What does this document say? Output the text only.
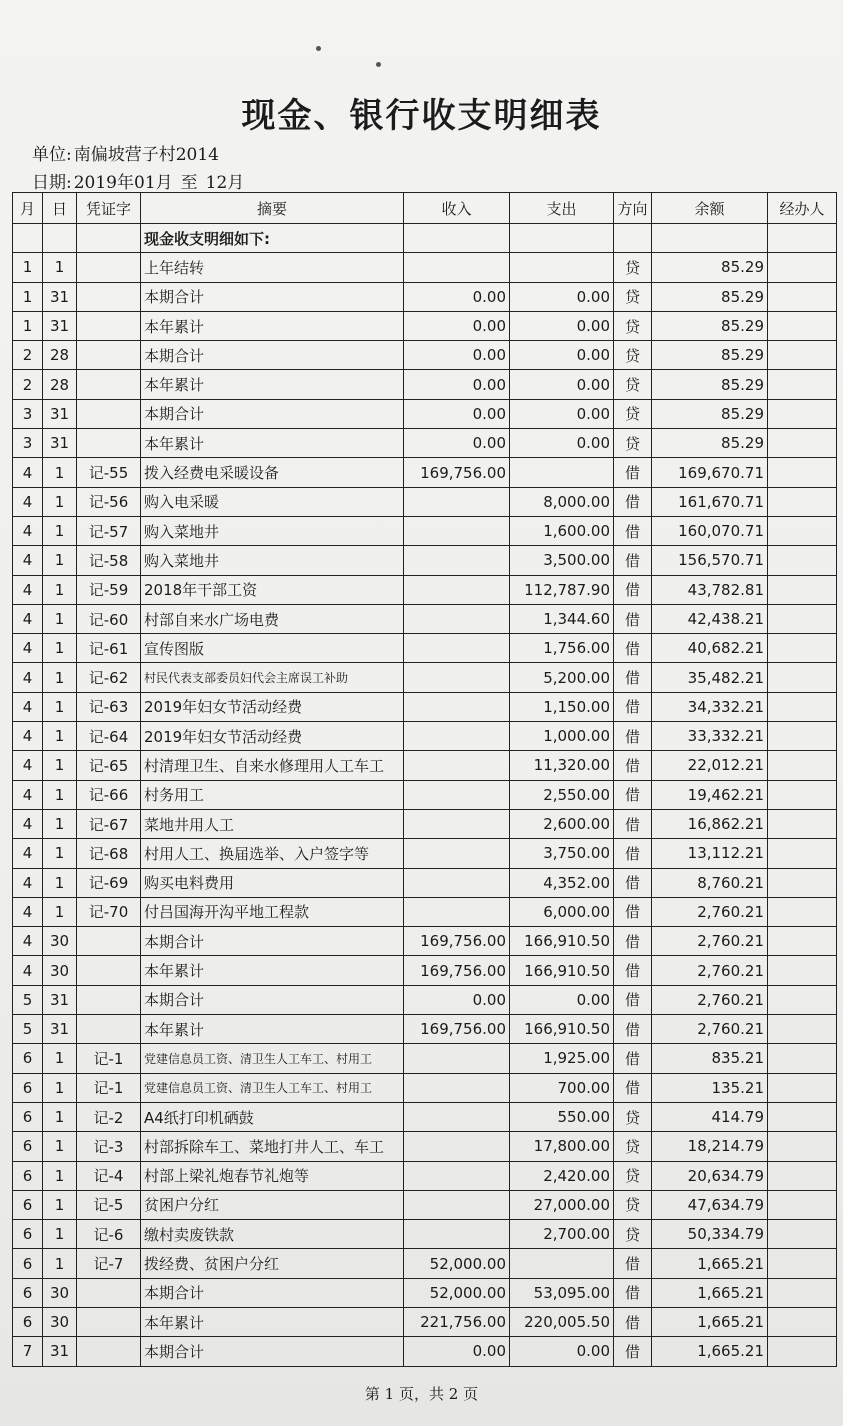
现金、银行收支明细表
单位: 南偏坡营子村2014
日期: 2019年01月 至 12月
月	日	凭证字	摘要	收入	支出	方向	余额	经办人
			现金收支明细如下:					
1	1		上年结转			贷	85.29	
1	31		本期合计	0.00	0.00	贷	85.29	
1	31		本年累计	0.00	0.00	贷	85.29	
2	28		本期合计	0.00	0.00	贷	85.29	
2	28		本年累计	0.00	0.00	贷	85.29	
3	31		本期合计	0.00	0.00	贷	85.29	
3	31		本年累计	0.00	0.00	贷	85.29	
4	1	记-55	拨入经费电采暖设备	169,756.00		借	169,670.71	
4	1	记-56	购入电采暖		8,000.00	借	161,670.71	
4	1	记-57	购入菜地井		1,600.00	借	160,070.71	
4	1	记-58	购入菜地井		3,500.00	借	156,570.71	
4	1	记-59	2018年干部工资		112,787.90	借	43,782.81	
4	1	记-60	村部自来水广场电费		1,344.60	借	42,438.21	
4	1	记-61	宣传图版		1,756.00	借	40,682.21	
4	1	记-62	村民代表支部委员妇代会主席误工补助		5,200.00	借	35,482.21	
4	1	记-63	2019年妇女节活动经费		1,150.00	借	34,332.21	
4	1	记-64	2019年妇女节活动经费		1,000.00	借	33,332.21	
4	1	记-65	村清理卫生、自来水修理用人工车工		11,320.00	借	22,012.21	
4	1	记-66	村务用工		2,550.00	借	19,462.21	
4	1	记-67	菜地井用人工		2,600.00	借	16,862.21	
4	1	记-68	村用人工、换届选举、入户签字等		3,750.00	借	13,112.21	
4	1	记-69	购买电料费用		4,352.00	借	8,760.21	
4	1	记-70	付吕国海开沟平地工程款		6,000.00	借	2,760.21	
4	30		本期合计	169,756.00	166,910.50	借	2,760.21	
4	30		本年累计	169,756.00	166,910.50	借	2,760.21	
5	31		本期合计	0.00	0.00	借	2,760.21	
5	31		本年累计	169,756.00	166,910.50	借	2,760.21	
6	1	记-1	党建信息员工资、清卫生人工车工、村用工		1,925.00	借	835.21	
6	1	记-1	党建信息员工资、清卫生人工车工、村用工		700.00	借	135.21	
6	1	记-2	A4纸打印机硒鼓		550.00	贷	414.79	
6	1	记-3	村部拆除车工、菜地打井人工、车工		17,800.00	贷	18,214.79	
6	1	记-4	村部上梁礼炮春节礼炮等		2,420.00	贷	20,634.79	
6	1	记-5	贫困户分红		27,000.00	贷	47,634.79	
6	1	记-6	缴村卖废铁款		2,700.00	贷	50,334.79	
6	1	记-7	拨经费、贫困户分红	52,000.00		借	1,665.21	
6	30		本期合计	52,000.00	53,095.00	借	1,665.21	
6	30		本年累计	221,756.00	220,005.50	借	1,665.21	
7	31		本期合计	0.00	0.00	借	1,665.21	
第 1 页，共 2 页
